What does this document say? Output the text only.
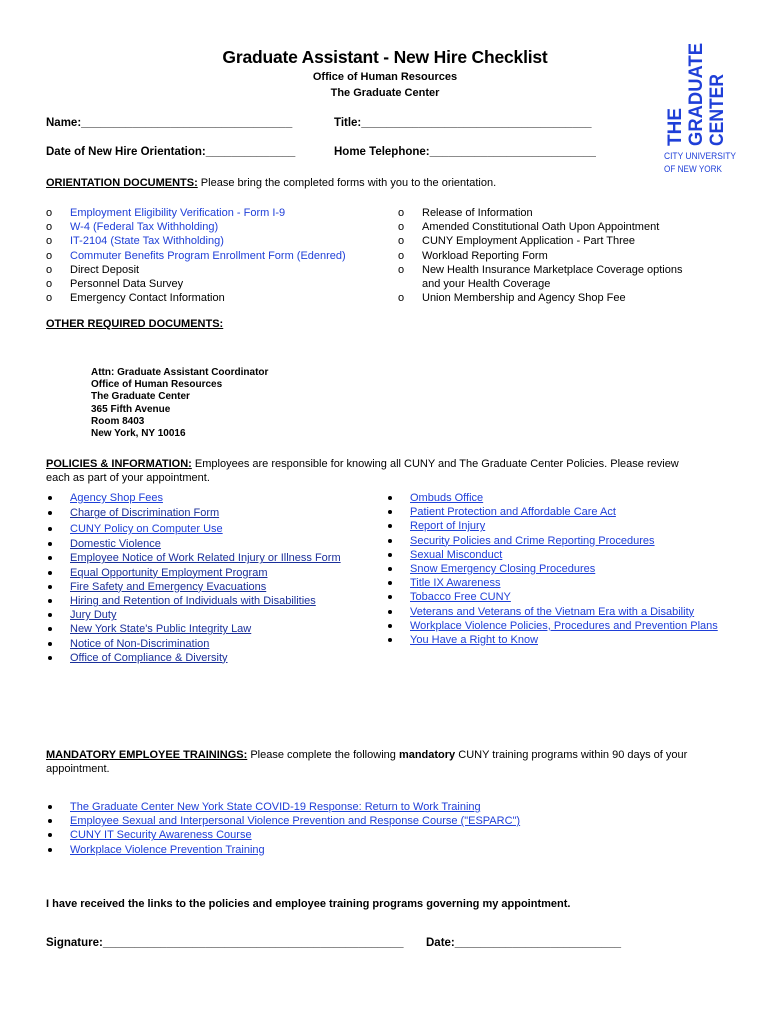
Graduate Assistant - New Hire Checklist
Office of Human Resources
The Graduate Center
THE GRADUATE CENTER
CITY UNIVERSITY
OF NEW YORK
Name:_________________________________	Title:____________________________________
Date of New Hire Orientation:______________	Home Telephone:__________________________
ORIENTATION DOCUMENTS: Please bring the completed forms with you to the orientation.
o	Employment Eligibility Verification - Form I-9
o	W-4 (Federal Tax Withholding)
o	IT-2104 (State Tax Withholding)
o	Commuter Benefits Program Enrollment Form (Edenred)
o	Direct Deposit
o	Personnel Data Survey
o	Emergency Contact Information
o	Release of Information
o	Amended Constitutional Oath Upon Appointment
o	CUNY Employment Application - Part Three
o	Workload Reporting Form
o	New Health Insurance Marketplace Coverage options
and your Health Coverage
o	Union Membership and Agency Shop Fee
OTHER REQUIRED DOCUMENTS:
Attn: Graduate Assistant Coordinator
Office of Human Resources
The Graduate Center
365 Fifth Avenue
Room 8403
New York, NY 10016
POLICIES & INFORMATION: Employees are responsible for knowing all CUNY and The Graduate Center Policies. Please review
each as part of your appointment.
Agency Shop Fees
Charge of Discrimination Form
CUNY Policy on Computer Use
Domestic Violence
Employee Notice of Work Related Injury or Illness Form
Equal Opportunity Employment Program
Fire Safety and Emergency Evacuations
Hiring and Retention of Individuals with Disabilities
Jury Duty
New York State's Public Integrity Law
Notice of Non-Discrimination
Office of Compliance & Diversity
Ombuds Office
Patient Protection and Affordable Care Act
Report of Injury
Security Policies and Crime Reporting Procedures
Sexual Misconduct
Snow Emergency Closing Procedures
Title IX Awareness
Tobacco Free CUNY
Veterans and Veterans of the Vietnam Era with a Disability
Workplace Violence Policies, Procedures and Prevention Plans
You Have a Right to Know
MANDATORY EMPLOYEE TRAININGS: Please complete the following mandatory CUNY training programs within 90 days of your
appointment.
The Graduate Center New York State COVID-19 Response: Return to Work Training
Employee Sexual and Interpersonal Violence Prevention and Response Course ("ESPARC")
CUNY IT Security Awareness Course
Workplace Violence Prevention Training
I have received the links to the policies and employee training programs governing my appointment.
Signature:_______________________________________________ Date:__________________________
